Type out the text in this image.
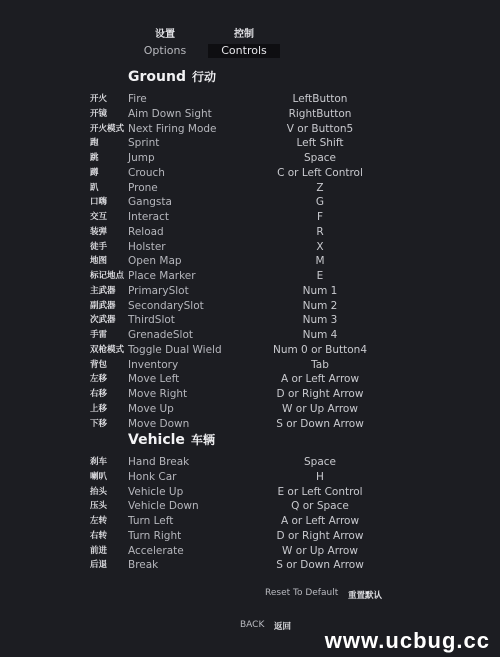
设置
Options
控制
Controls
Ground 行动
开火 Fire	LeftButton
开镜 Aim Down Sight	RightButton
开火模式 Next Firing Mode	V or Button5
跑	Sprint	Left Shift
跳	Jump	Space
蹲	Crouch	C or Left Control
趴	Prone	Z
口嗨 Gangsta	G
交互 Interact	F
装弹 Reload	R
徒手 Holster	X
地图 Open Map	M
标记地点 Place Marker	E
主武器 PrimarySlot	Num 1
副武器 SecondarySlot	Num 2
次武器 ThirdSlot	Num 3
手雷 GrenadeSlot	Num 4
双枪模式 Toggle Dual Wield	Num 0 or Button4
背包 Inventory	Tab
左移 Move Left	A or Left Arrow
右移 Move Right	D or Right Arrow
上移 Move Up	W or Up Arrow
下移 Move Down	S or Down Arrow
Vehicle 车辆
刹车 Hand Break	Space
喇叭 Honk Car	H
抬头 Vehicle Up	E or Left Control
压头 Vehicle Down	Q or Space
左转 Turn Left	A or Left Arrow
右转 Turn Right	D or Right Arrow
前进 Accelerate	W or Up Arrow
后退 Break	S or Down Arrow
Reset To Default 重置默认
BACK 返回
www.ucbug.cc
